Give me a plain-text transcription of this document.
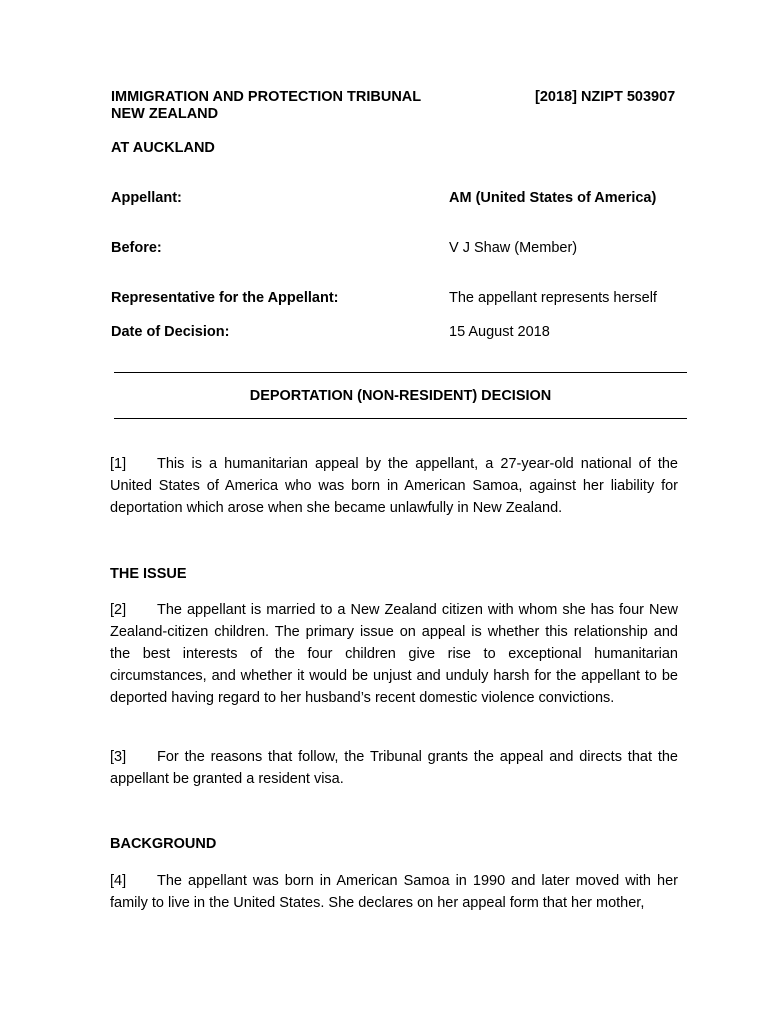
IMMIGRATION AND PROTECTION TRIBUNAL
NEW ZEALAND
[2018] NZIPT 503907
AT AUCKLAND
Appellant:	AM (United States of America)
Before:	V J Shaw (Member)
Representative for the Appellant:	The appellant represents herself
Date of Decision:	15 August 2018
DEPORTATION (NON-RESIDENT) DECISION
[1] This is a humanitarian appeal by the appellant, a 27-year-old national of the United States of America who was born in American Samoa, against her liability for deportation which arose when she became unlawfully in New Zealand.
THE ISSUE
[2] The appellant is married to a New Zealand citizen with whom she has four New Zealand-citizen children. The primary issue on appeal is whether this relationship and the best interests of the four children give rise to exceptional humanitarian circumstances, and whether it would be unjust and unduly harsh for the appellant to be deported having regard to her husband’s recent domestic violence convictions.
[3] For the reasons that follow, the Tribunal grants the appeal and directs that the appellant be granted a resident visa.
BACKGROUND
[4] The appellant was born in American Samoa in 1990 and later moved with her family to live in the United States. She declares on her appeal form that her mother,
